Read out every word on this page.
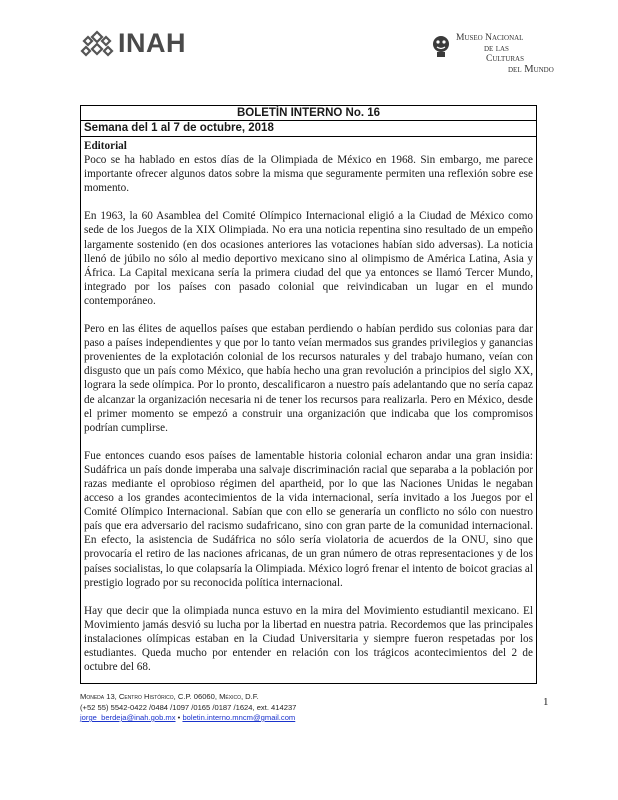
INAH	Museo Nacional
de las
Culturas
del Mundo
BOLETÍN INTERNO No. 16
Semana del 1 al 7 de octubre, 2018
Editorial

Poco se ha hablado en estos días de la Olimpiada de México en 1968. Sin embargo, me parece importante ofrecer algunos datos sobre la misma que seguramente permiten una reflexión sobre ese momento.

En 1963, la 60 Asamblea del Comité Olímpico Internacional eligió a la Ciudad de México como sede de los Juegos de la XIX Olimpiada. No era una noticia repentina sino resultado de un empeño largamente sostenido (en dos ocasiones anteriores las votaciones habían sido adversas). La noticia llenó de júbilo no sólo al medio deportivo mexicano sino al olimpismo de América Latina, Asia y África. La Capital mexicana sería la primera ciudad del que ya entonces se llamó Tercer Mundo, integrado por los países con pasado colonial que reivindicaban un lugar en el mundo contemporáneo.

Pero en las élites de aquellos países que estaban perdiendo o habían perdido sus colonias para dar paso a países independientes y que por lo tanto veían mermados sus grandes privilegios y ganancias provenientes de la explotación colonial de los recursos naturales y del trabajo humano, veían con disgusto que un país como México, que había hecho una gran revolución a principios del siglo XX, lograra la sede olímpica. Por lo pronto, descalificaron a nuestro país adelantando que no sería capaz de alcanzar la organización necesaria ni de tener los recursos para realizarla. Pero en México, desde el primer momento se empezó a construir una organización que indicaba que los compromisos podrían cumplirse.

Fue entonces cuando esos países de lamentable historia colonial echaron andar una gran insidia: Sudáfrica un país donde imperaba una salvaje discriminación racial que separaba a la población por razas mediante el oprobioso régimen del apartheid, por lo que las Naciones Unidas le negaban acceso a los grandes acontecimientos de la vida internacional, sería invitado a los Juegos por el Comité Olímpico Internacional. Sabían que con ello se generaría un conflicto no sólo con nuestro país que era adversario del racismo sudafricano, sino con gran parte de la comunidad internacional. En efecto, la asistencia de Sudáfrica no sólo sería violatoria de acuerdos de la ONU, sino que provocaría el retiro de las naciones africanas, de un gran número de otras representaciones y de los países socialistas, lo que colapsaría la Olimpiada. México logró frenar el intento de boicot gracias al prestigio logrado por su reconocida política internacional.

Hay que decir que la olimpiada nunca estuvo en la mira del Movimiento estudiantil mexicano. El Movimiento jamás desvió su lucha por la libertad en nuestra patria. Recordemos que las principales instalaciones olímpicas estaban en la Ciudad Universitaria y siempre fueron respetadas por los estudiantes. Queda mucho por entender en relación con los trágicos acontecimientos del 2 de octubre del 68.

Moneda 13, Centro Histórico, C.P. 06060, México, D.F.
(+52 55) 5542-0422 /0484 /1097 /0165 /0187 /1624, ext. 414237
jorge_berdeja@inah.gob.mx • boletin.interno.mncm@gmail.com
1
